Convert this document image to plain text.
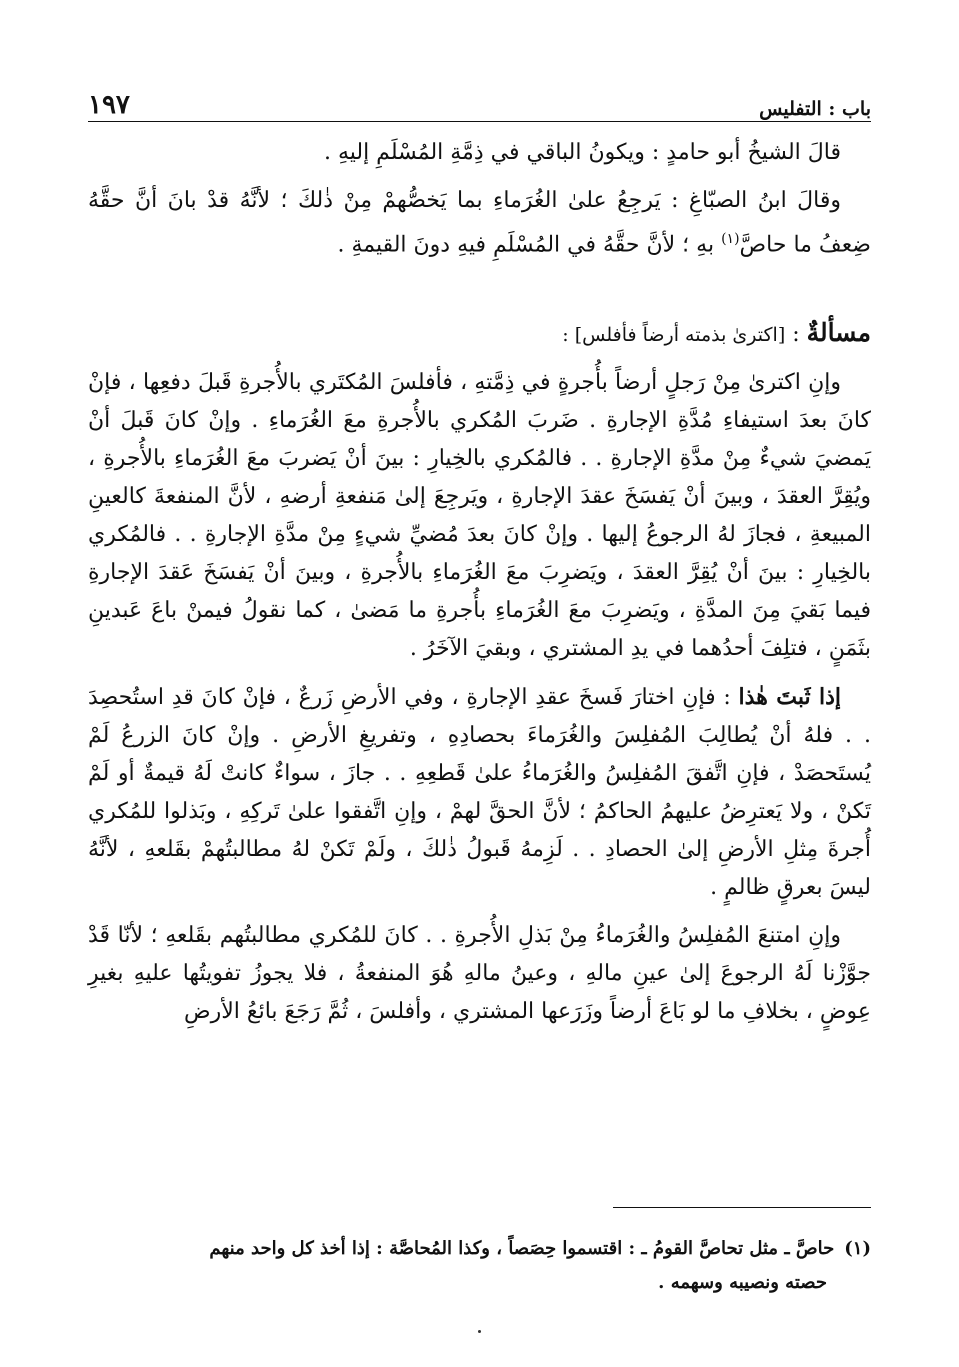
باب : التفليس
١٩٧

قالَ الشيخُ أبو حامدٍ : ويكونُ الباقي في ذِمَّةِ المُسْلَمِ إليهِ .

وقالَ ابنُ الصبّاغِ : يَرجِعُ علىٰ الغُرَماءِ بما يَخصُّهمْ مِنْ ذٰلكَ ؛ لأنَّهُ قدْ بانَ أنَّ حقَّهُ ضِعفُ ما حاصَّ$^{(١)}$ بهِ ؛ لأنَّ حقَّهُ في المُسْلَمِ فيهِ دونَ القيمةِ .

مسألةٌ : [اكترىٰ بذمته أرضاً فأفلس] :

وإنِ اكترىٰ مِنْ رَجلٍ أرضاً بأُجرةٍ في ذِمَّتهِ ، فأفلسَ المُكتَري بالأُجرةِ قَبلَ دفعِها ، فإنْ كانَ بعدَ استيفاءِ مُدَّةِ الإجارةِ . ضَربَ المُكري بالأُجرةِ معَ الغُرَماءِ . وإنْ كانَ قَبلَ أنْ يَمضيَ شيءٌ مِنْ مدَّةِ الإجارةِ . . فالمُكري بالخِيارِ : بينَ أنْ يَضربَ معَ الغُرَماءِ بالأُجرةِ ، ويُقِرَّ العقدَ ، وبينَ أنْ يَفسَخَ عقدَ الإجارةِ ، ويَرجِعَ إلىٰ مَنفعةِ أرضهِ ، لأنَّ المنفعةَ كالعينِ المبيعةِ ، فجازَ لهُ الرجوعُ إليها . وإنْ كانَ بعدَ مُضيِّ شيءٍ مِنْ مدَّةِ الإجارةِ . . فالمُكري بالخِيارِ : بينَ أنْ يُقِرَّ العقدَ ، ويَضرِبَ معَ الغُرَماءِ بالأُجرةِ ، وبينَ أنْ يَفسَخَ عَقدَ الإجارةِ فيما بَقيَ مِنَ المدَّةِ ، ويَضرِبَ معَ الغُرَماءِ بأُجرةِ ما مَضىٰ ، كما نقولُ فيمنْ باعَ عَبدينِ بثَمَنٍ ، فتلِفَ أحدُهما في يدِ المشتري ، وبقيَ الآخَرُ .

إذا ثَبتَ هٰذا : فإنِ اختارَ فَسخَ عقدِ الإجارةِ ، وفي الأرضِ زَرعٌ ، فإنْ كانَ قدِ استُحصِدَ . . فلهُ أنْ يُطالِبَ المُفلِسَ والغُرَماءَ بحصادِهِ ، وتفريغِ الأرضِ . وإنْ كانَ الزرعُ لَمْ يُستَحصَدْ ، فإنِ اتَّفقَ المُفلِسُ والغُرَماءُ علىٰ قَطعِهِ . . جازَ ، سواءٌ كانتْ لَهُ قيمةٌ أو لَمْ تَكنْ ، ولا يَعترِضُ عليهمُ الحاكمُ ؛ لأنَّ الحقَّ لهمْ ، وإنِ اتَّفقوا علىٰ تَركِهِ ، وبَذلوا للمُكري أُجرةَ مِثلِ الأرضِ إلىٰ الحصادِ . . لَزِمهُ قَبولُ ذٰلكَ ، ولَمْ تَكنْ لهُ مطالبتُهمْ بقَلعهِ ، لأنَّهُ ليسَ بعرقٍ ظالمٍ .

وإنِ امتنعَ المُفلِسُ والغُرَماءُ مِنْ بَذلِ الأُجرةِ . . كانَ للمُكري مطالبتُهم بقَلعهِ ؛ لأنّا قَدْ جوَّزْنا لَهُ الرجوعَ إلىٰ عينِ مالهِ ، وعينُ مالهِ هُوَ المنفعةُ ، فلا يجوزُ تفويتُها عليهِ بغيرِ عِوضٍ ، بخلافِ ما لو بَاعَ أرضاً وزَرَعها المشتري ، وأفلسَ ، ثُمَّ رَجَعَ بائعُ الأرضِ

(١)حاصَّ ـ مثل تحاصَّ القومُ ـ : اقتسموا حِصَصاً ، وكذا المُحاصَّة : إذا أخذ كل واحد منهم
حصته ونصيبه وسهمه .
